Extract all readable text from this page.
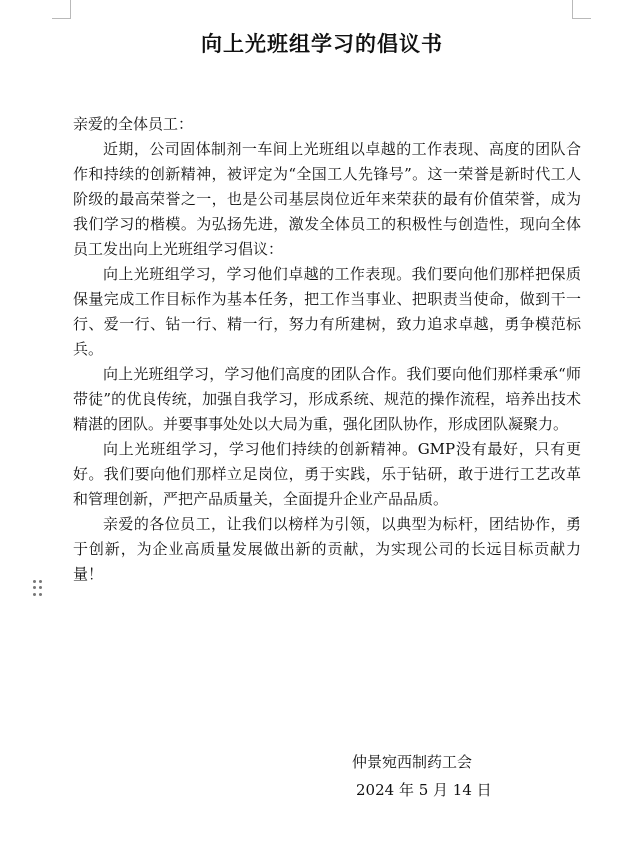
向上光班组学习的倡议书
亲爱的全体员工：

近期，公司固体制剂一车间上光班组以卓越的工作表现、高度的团队合作和持续的创新精神，被评定为“全国工人先锋号”。这一荣誉是新时代工人阶级的最高荣誉之一，也是公司基层岗位近年来荣获的最有价值荣誉，成为我们学习的楷模。为弘扬先进，激发全体员工的积极性与创造性，现向全体员工发出向上光班组学习倡议：

向上光班组学习，学习他们卓越的工作表现。我们要向他们那样把保质保量完成工作目标作为基本任务，把工作当事业、把职责当使命，做到干一行、爱一行、钻一行、精一行，努力有所建树，致力追求卓越，勇争模范标兵。

向上光班组学习，学习他们高度的团队合作。我们要向他们那样秉承“师带徒”的优良传统，加强自我学习，形成系统、规范的操作流程，培养出技术精湛的团队。并要事事处处以大局为重，强化团队协作，形成团队凝聚力。

向上光班组学习，学习他们持续的创新精神。GMP没有最好，只有更好。我们要向他们那样立足岗位，勇于实践，乐于钻研，敢于进行工艺改革和管理创新，严把产品质量关，全面提升企业产品品质。

亲爱的各位员工，让我们以榜样为引领，以典型为标杆，团结协作，勇于创新，为企业高质量发展做出新的贡献，为实现公司的长远目标贡献力量！

仲景宛西制药工会
2024 年 5 月 14 日
